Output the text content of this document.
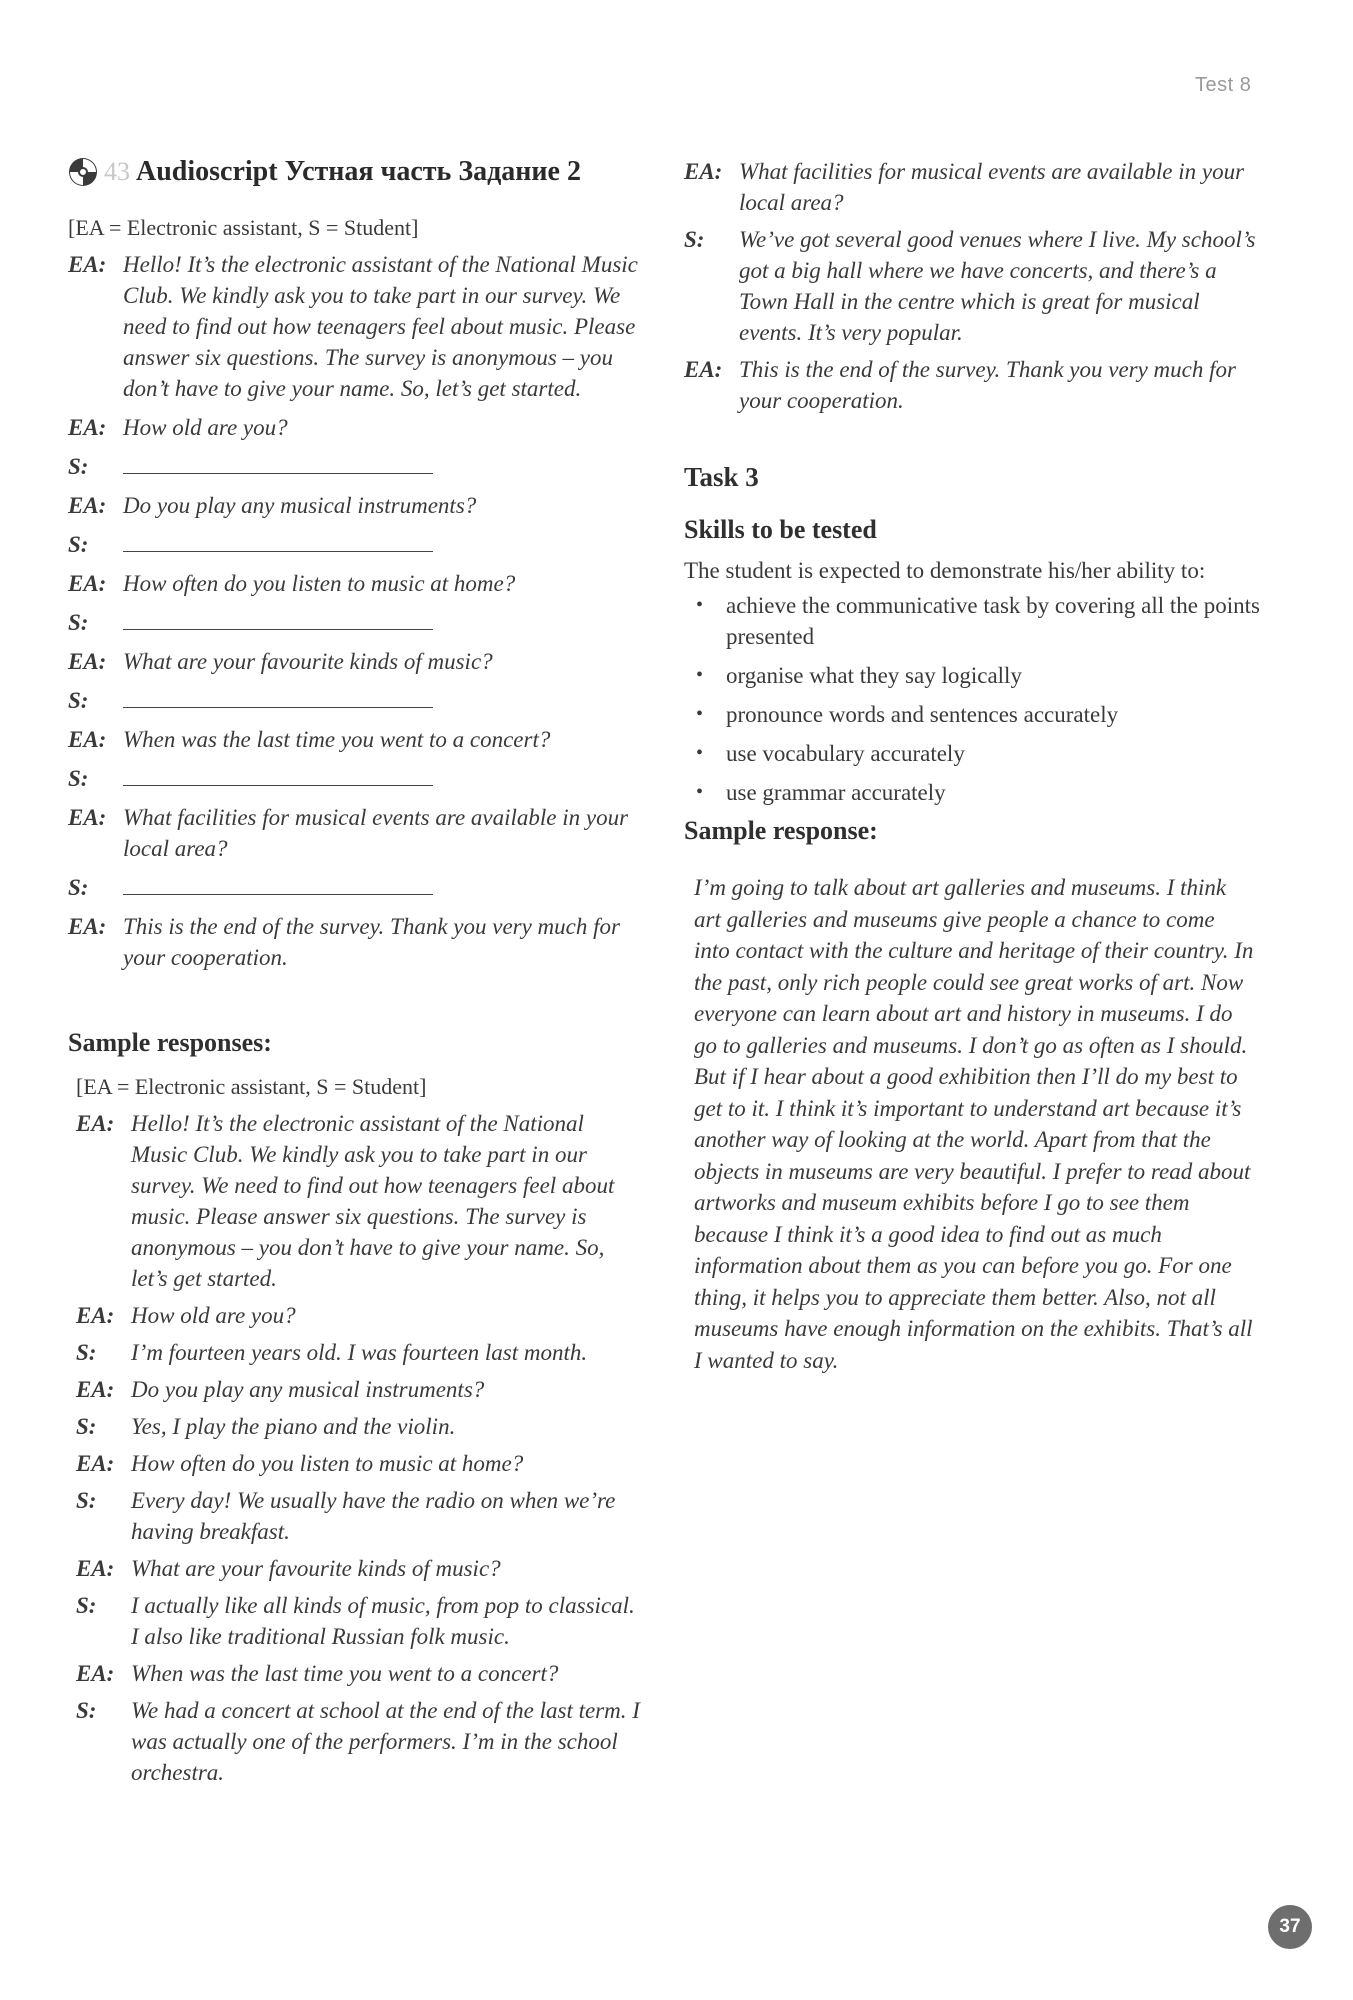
Test 8
43 Audioscript Устная часть Задание 2
[EA = Electronic assistant, S = Student]
EA: Hello! It’s the electronic assistant of the National Music Club. We kindly ask you to take part in our survey. We need to find out how teenagers feel about music. Please answer six questions. The survey is anonymous – you don’t have to give your name. So, let’s get started.
EA: How old are you?
S:
EA: Do you play any musical instruments?
S:
EA: How often do you listen to music at home?
S:
EA: What are your favourite kinds of music?
S:
EA: When was the last time you went to a concert?
S:
EA: What facilities for musical events are available in your local area?
S:
EA: This is the end of the survey. Thank you very much for your cooperation.
Sample responses:
[EA = Electronic assistant, S = Student]
EA: Hello! It’s the electronic assistant of the National Music Club. We kindly ask you to take part in our survey. We need to find out how teenagers feel about music. Please answer six questions. The survey is anonymous – you don’t have to give your name. So, let’s get started.
EA: How old are you?
S:	I’m fourteen years old. I was fourteen last month.
EA: Do you play any musical instruments?
S:	Yes, I play the piano and the violin.
EA: How often do you listen to music at home?
S:	Every day! We usually have the radio on when we’re having breakfast.
EA: What are your favourite kinds of music?
S:	I actually like all kinds of music, from pop to classical. I also like traditional Russian folk music.
EA: When was the last time you went to a concert?
S:	We had a concert at school at the end of the last term. I was actually one of the performers. I’m in the school orchestra.
EA: What facilities for musical events are available in your local area?
S:	We’ve got several good venues where I live. My school’s got a big hall where we have concerts, and there’s a Town Hall in the centre which is great for musical events. It’s very popular.
EA: This is the end of the survey. Thank you very much for your cooperation.
Task 3
Skills to be tested
The student is expected to demonstrate his/her ability to:
• achieve the communicative task by covering all the points presented
• organise what they say logically
• pronounce words and sentences accurately
• use vocabulary accurately
• use grammar accurately
Sample response:
I’m going to talk about art galleries and museums. I think art galleries and museums give people a chance to come into contact with the culture and heritage of their country. In the past, only rich people could see great works of art. Now everyone can learn about art and history in museums. I do go to galleries and museums. I don’t go as often as I should. But if I hear about a good exhibition then I’ll do my best to get to it. I think it’s important to understand art because it’s another way of looking at the world. Apart from that the objects in museums are very beautiful. I prefer to read about artworks and museum exhibits before I go to see them because I think it’s a good idea to find out as much information about them as you can before you go. For one thing, it helps you to appreciate them better. Also, not all museums have enough information on the exhibits. That’s all I wanted to say.
37
